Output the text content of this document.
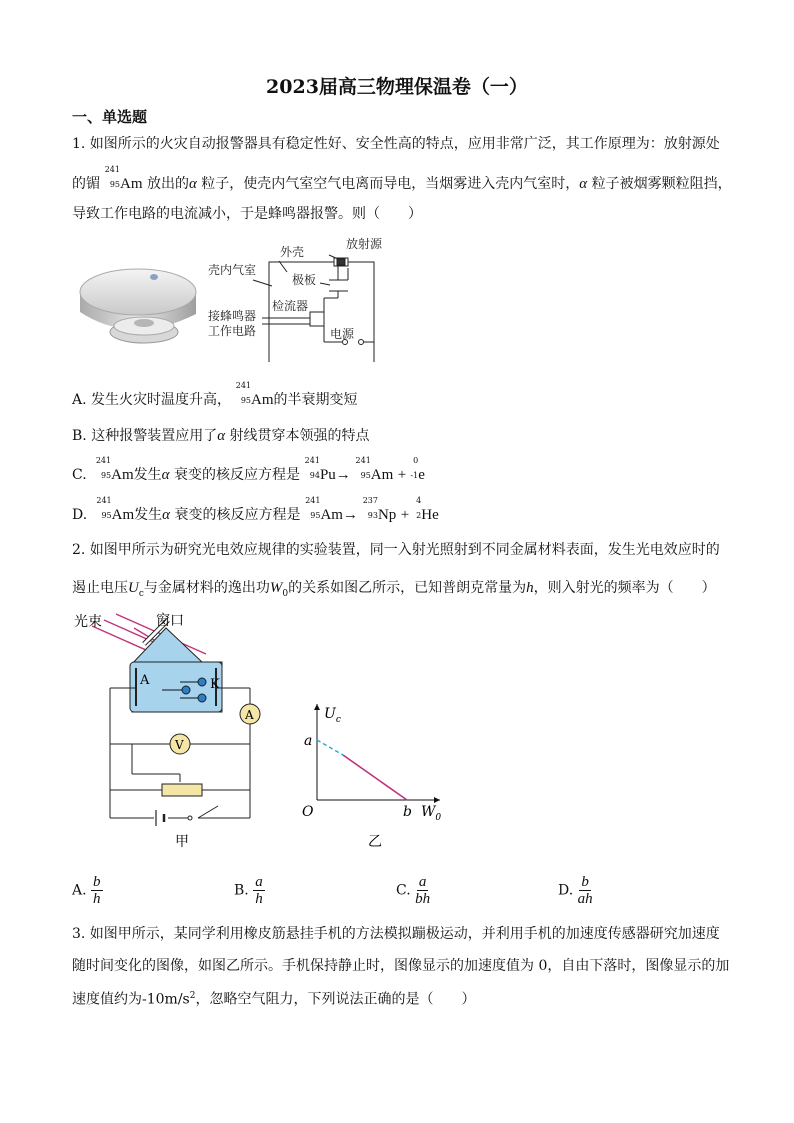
2023届高三物理保温卷（一）
一、单选题
1. 如图所示的火灾自动报警器具有稳定性好、安全性高的特点，应用非常广泛，其工作原理为：放射源处
的镅
241
95 Am 放出的α 粒子，使壳内气室空气电离而导电，当烟雾进入壳内气室时，α 粒子被烟雾颗粒阻挡，
导致工作电路的电流减小，于是蜂鸣器报警。则（　　）
外壳
放射源
壳内气室
极板
检流器
接蜂鸣器
工作电路	电源
A. 发生火灾时温度升高，
241
95 Am的半衰期变短
B. 这种报警装置应用了α 射线贯穿本领强的特点
C.
241
95 Am发生α 衰变的核反应方程是
241
94 Pu→
241
95 Am +
0
-1 e
D.
241
95 Am发生α 衰变的核反应方程是
241
95 Am→
237
93 Np +
4
2 He
2. 如图甲所示为研究光电效应规律的实验装置，同一入射光照射到不同金属材料表面，发生光电效应时的
遏止电压$U_c$与金属材料的逸出功$W_0$的关系如图乙所示，已知普朗克常量为h，则入射光的频率为（　　）
A	K
A
V
光束	窗口
甲
$U_c$
a
b $W_0$
O
乙
A. $\frac{b}{h}$	B. $\frac{a}{h}$	C. $\frac{a}{bh}$	D. $\frac{b}{ah}$
3. 如图甲所示，某同学利用橡皮筋悬挂手机的方法模拟蹦极运动，并利用手机的加速度传感器研究加速度
随时间变化的图像，如图乙所示。手机保持静止时，图像显示的加速度值为 0，自由下落时，图像显示的加
速度值约为$-10m/s^2$，忽略空气阻力，下列说法正确的是（　　）
